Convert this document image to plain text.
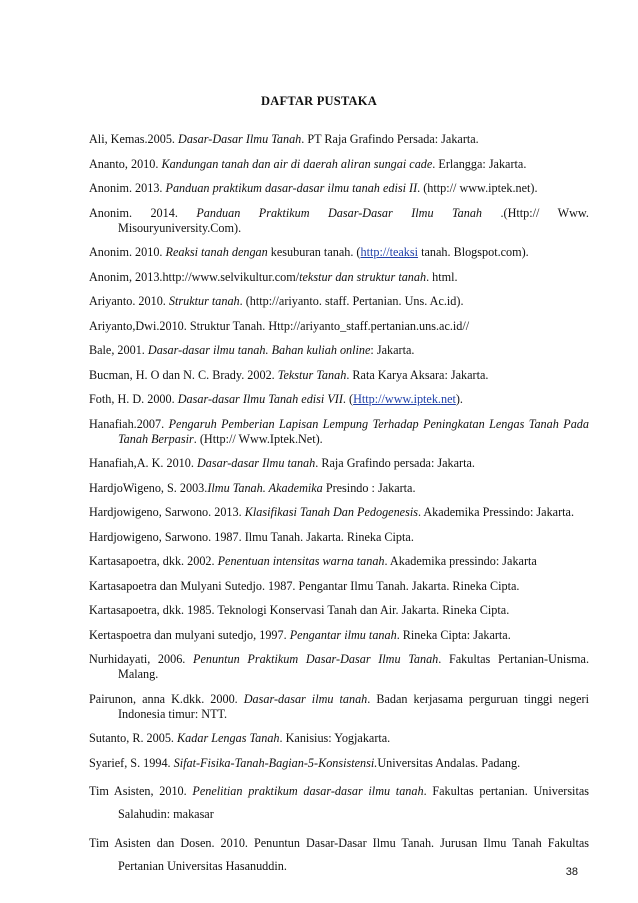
DAFTAR PUSTAKA
Ali, Kemas.2005. Dasar-Dasar Ilmu Tanah. PT Raja Grafindo Persada: Jakarta.
Ananto, 2010. Kandungan tanah dan air di daerah aliran sungai cade. Erlangga: Jakarta.
Anonim. 2013. Panduan praktikum dasar-dasar ilmu tanah edisi II. (http:// www.iptek.net).
Anonim. 2014. Panduan Praktikum Dasar-Dasar Ilmu Tanah .(Http:// Www. Misouryuniversity.Com).
Anonim. 2010. Reaksi tanah dengan kesuburan tanah. (http://teaksi tanah. Blogspot.com).
Anonim, 2013.http://www.selvikultur.com/tekstur dan struktur tanah. html.
Ariyanto. 2010. Struktur tanah. (http://ariyanto. staff. Pertanian. Uns. Ac.id).
Ariyanto,Dwi.2010. Struktur Tanah. Http://ariyanto_staff.pertanian.uns.ac.id//
Bale, 2001. Dasar-dasar ilmu tanah. Bahan kuliah online: Jakarta.
Bucman, H. O dan N. C. Brady. 2002. Tekstur Tanah. Rata Karya Aksara: Jakarta.
Foth, H. D. 2000. Dasar-dasar Ilmu Tanah edisi VII. (Http://www.iptek.net).
Hanafiah.2007. Pengaruh Pemberian Lapisan Lempung Terhadap Peningkatan Lengas Tanah Pada Tanah Berpasir. (Http:// Www.Iptek.Net).
Hanafiah,A. K. 2010. Dasar-dasar Ilmu tanah. Raja Grafindo persada: Jakarta.
HardjoWigeno, S. 2003.Ilmu Tanah. Akademika Presindo : Jakarta.
Hardjowigeno, Sarwono. 2013. Klasifikasi Tanah Dan Pedogenesis. Akademika Pressindo: Jakarta.
Hardjowigeno, Sarwono. 1987. Ilmu Tanah. Jakarta. Rineka Cipta.
Kartasapoetra, dkk. 2002. Penentuan intensitas warna tanah. Akademika pressindo: Jakarta
Kartasapoetra dan Mulyani Sutedjo. 1987. Pengantar Ilmu Tanah. Jakarta. Rineka Cipta.
Kartasapoetra, dkk. 1985. Teknologi Konservasi Tanah dan Air. Jakarta. Rineka Cipta.
Kertaspoetra dan mulyani sutedjo, 1997. Pengantar ilmu tanah. Rineka Cipta: Jakarta.
Nurhidayati, 2006. Penuntun Praktikum Dasar-Dasar Ilmu Tanah. Fakultas Pertanian-Unisma. Malang.
Pairunon, anna K.dkk. 2000. Dasar-dasar ilmu tanah. Badan kerjasama perguruan tinggi negeri Indonesia timur: NTT.
Sutanto, R. 2005. Kadar Lengas Tanah. Kanisius: Yogjakarta.
Syarief, S. 1994. Sifat-Fisika-Tanah-Bagian-5-Konsistensi.Universitas Andalas. Padang.
Tim Asisten, 2010. Penelitian praktikum dasar-dasar ilmu tanah. Fakultas pertanian. Universitas Salahudin: makasar
Tim Asisten dan Dosen. 2010. Penuntun Dasar-Dasar Ilmu Tanah. Jurusan Ilmu Tanah Fakultas Pertanian Universitas Hasanuddin.	38
